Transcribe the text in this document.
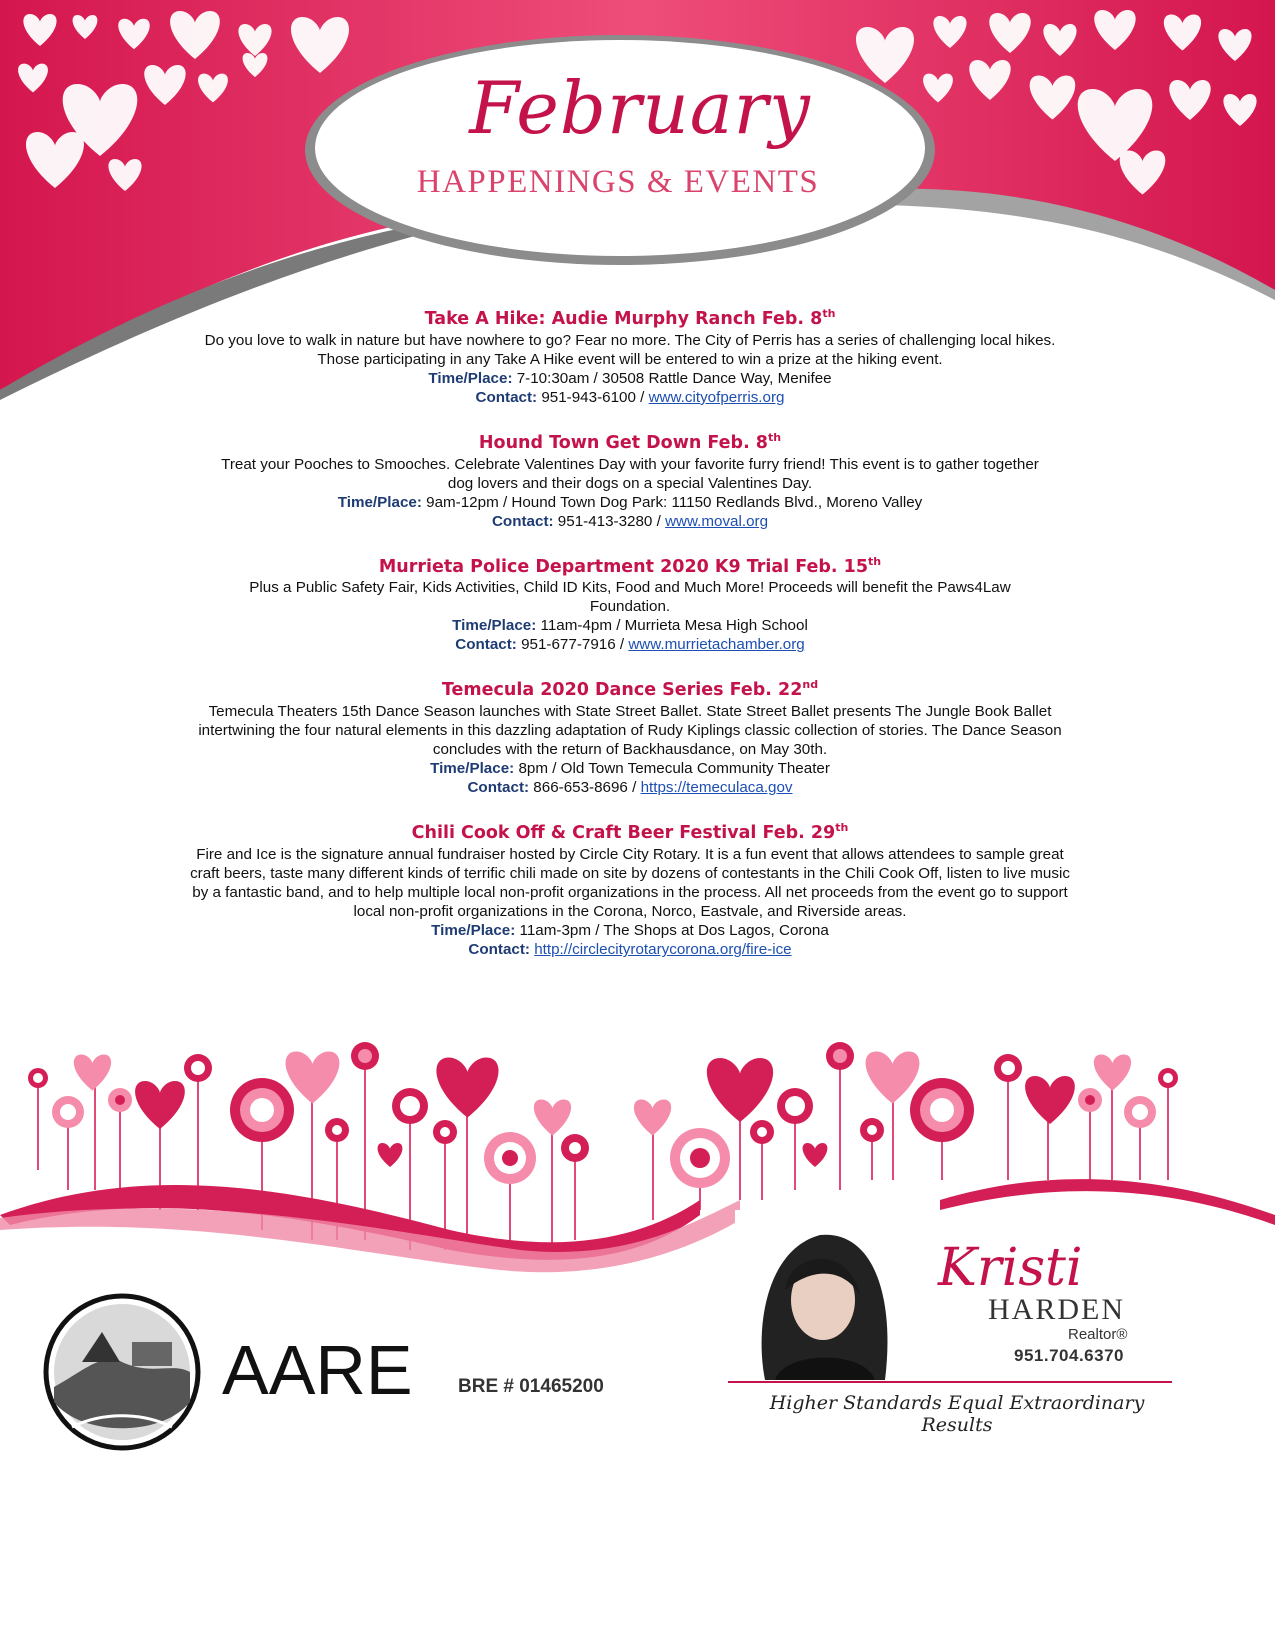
February
HAPPENINGS & EVENTS
Take A Hike: Audie Murphy Ranch Feb. 8th
Do you love to walk in nature but have nowhere to go? Fear no more. The City of Perris has a series of challenging local hikes. Those participating in any Take A Hike event will be entered to win a prize at the hiking event.
Time/Place: 7-10:30am / 30508 Rattle Dance Way, Menifee
Contact: 951-943-6100 / www.cityofperris.org
Hound Town Get Down Feb. 8th
Treat your Pooches to Smooches. Celebrate Valentines Day with your favorite furry friend! This event is to gather together dog lovers and their dogs on a special Valentines Day.
Time/Place: 9am-12pm / Hound Town Dog Park: 11150 Redlands Blvd., Moreno Valley
Contact: 951-413-3280 / www.moval.org
Murrieta Police Department 2020 K9 Trial Feb. 15th
Plus a Public Safety Fair, Kids Activities, Child ID Kits, Food and Much More! Proceeds will benefit the Paws4Law Foundation.
Time/Place: 11am-4pm / Murrieta Mesa High School
Contact: 951-677-7916 / www.murrietachamber.org
Temecula 2020 Dance Series Feb. 22nd
Temecula Theaters 15th Dance Season launches with State Street Ballet. State Street Ballet presents The Jungle Book Ballet intertwining the four natural elements in this dazzling adaptation of Rudy Kiplings classic collection of stories. The Dance Season concludes with the return of Backhausdance, on May 30th.
Time/Place: 8pm / Old Town Temecula Community Theater
Contact: 866-653-8696 / https://temeculaca.gov
Chili Cook Off & Craft Beer Festival Feb. 29th
Fire and Ice is the signature annual fundraiser hosted by Circle City Rotary. It is a fun event that allows attendees to sample great craft beers, taste many different kinds of terrific chili made on site by dozens of contestants in the Chili Cook Off, listen to live music by a fantastic band, and to help multiple local non-profit organizations in the process. All net proceeds from the event go to support local non-profit organizations in the Corona, Norco, Eastvale, and Riverside areas.
Time/Place: 11am-3pm / The Shops at Dos Lagos, Corona
Contact: http://circlecityrotarycorona.org/fire-ice
AARE BRE # 01465200
Kristi
HARDEN
Realtor®
951.704.6370
Higher Standards Equal Extraordinary Results
